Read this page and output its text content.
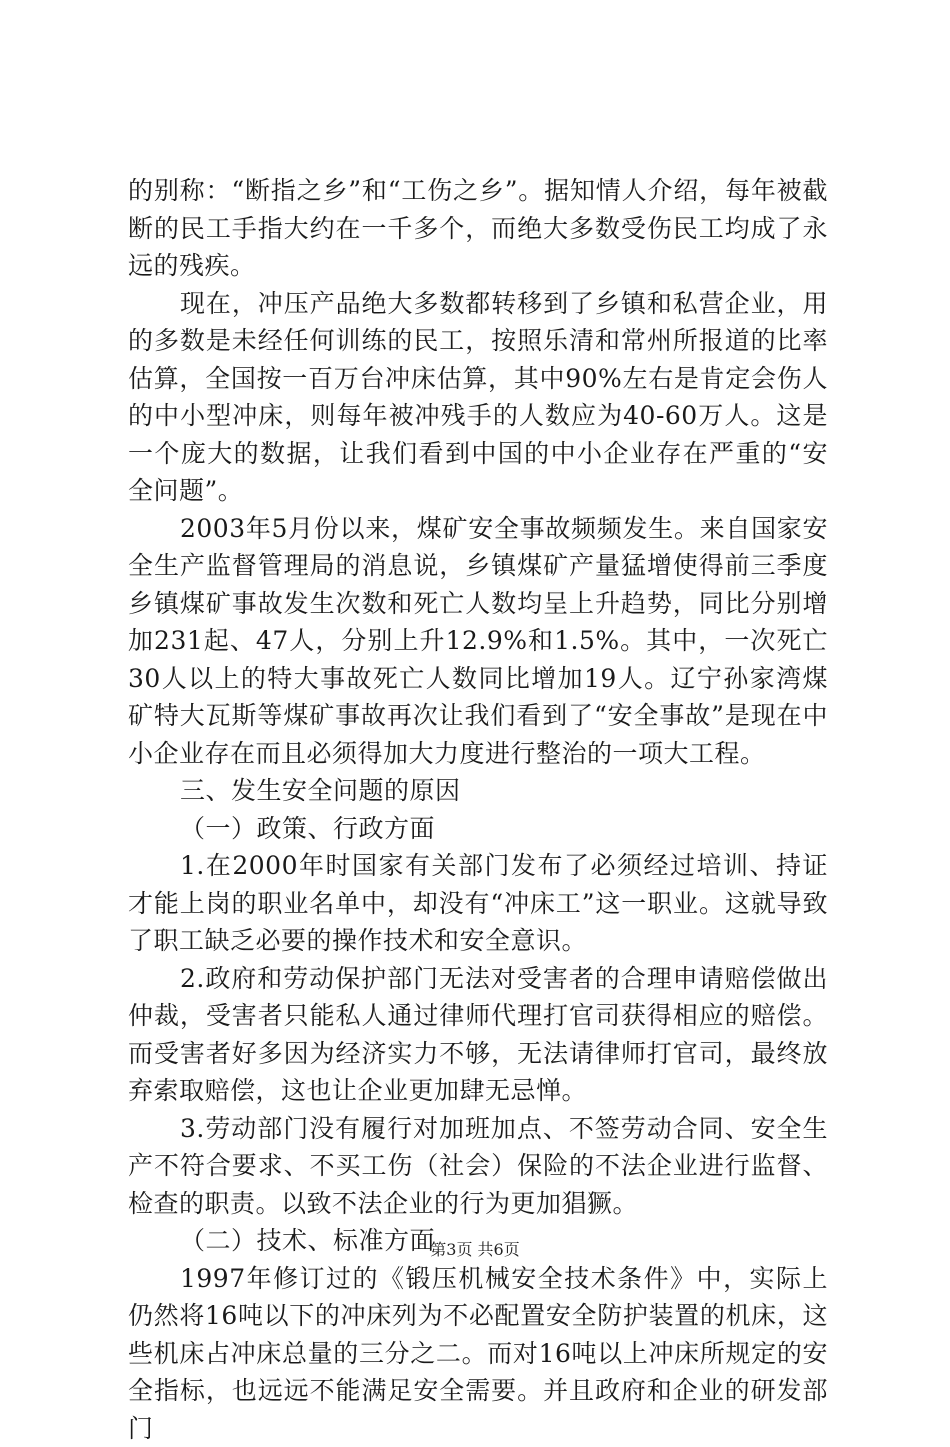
的别称：“断指之乡”和“工伤之乡”。据知情人介绍，每年被截断的民工手指大约在一千多个，而绝大多数受伤民工均成了永远的残疾。

现在，冲压产品绝大多数都转移到了乡镇和私营企业，用的多数是未经任何训练的民工，按照乐清和常州所报道的比率估算，全国按一百万台冲床估算，其中90%左右是肯定会伤人的中小型冲床，则每年被冲残手的人数应为40-60万人。这是一个庞大的数据，让我们看到中国的中小企业存在严重的“安全问题”。

2003年5月份以来，煤矿安全事故频频发生。来自国家安全生产监督管理局的消息说，乡镇煤矿产量猛增使得前三季度乡镇煤矿事故发生次数和死亡人数均呈上升趋势，同比分别增加231起、47人，分别上升12.9%和1.5%。其中，一次死亡30人以上的特大事故死亡人数同比增加19人。辽宁孙家湾煤矿特大瓦斯等煤矿事故再次让我们看到了“安全事故”是现在中小企业存在而且必须得加大力度进行整治的一项大工程。

三、发生安全问题的原因

（一）政策、行政方面

1.在2000年时国家有关部门发布了必须经过培训、持证才能上岗的职业名单中，却没有“冲床工”这一职业。这就导致了职工缺乏必要的操作技术和安全意识。

2.政府和劳动保护部门无法对受害者的合理申请赔偿做出仲裁，受害者只能私人通过律师代理打官司获得相应的赔偿。而受害者好多因为经济实力不够，无法请律师打官司，最终放弃索取赔偿，这也让企业更加肆无忌惮。

3.劳动部门没有履行对加班加点、不签劳动合同、安全生产不符合要求、不买工伤（社会）保险的不法企业进行监督、检查的职责。以致不法企业的行为更加猖獗。

（二）技术、标准方面

1997年修订过的《锻压机械安全技术条件》中，实际上仍然将16吨以下的冲床列为不必配置安全防护装置的机床，这些机床占冲床总量的三分之二。而对16吨以上冲床所规定的安全指标，也远远不能满足安全需要。并且政府和企业的研发部门

第3页 共6页
